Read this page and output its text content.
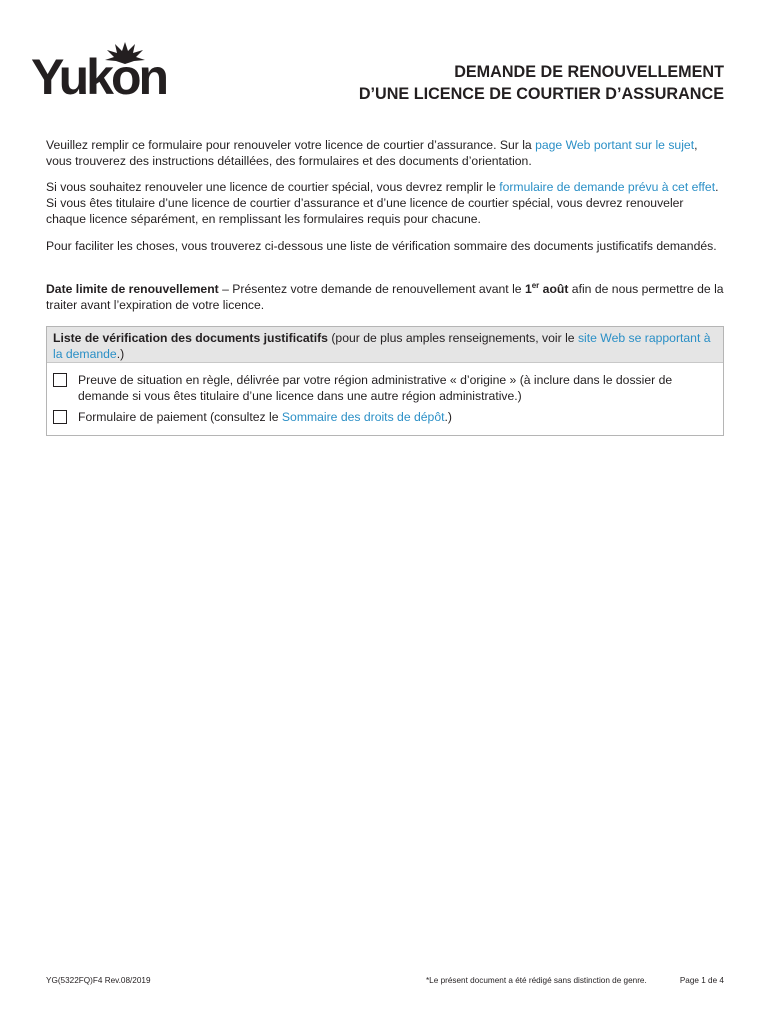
Yukon	DEMANDE DE RENOUVELLEMENT
D’UNE LICENCE DE COURTIER D’ASSURANCE
Veuillez remplir ce formulaire pour renouveler votre licence de courtier d’assurance. Sur la page Web portant sur le sujet, vous trouverez des instructions détaillées, des formulaires et des documents d’orientation.
Si vous souhaitez renouveler une licence de courtier spécial, vous devrez remplir le formulaire de demande prévu à cet effet. Si vous êtes titulaire d’une licence de courtier d’assurance et d’une licence de courtier spécial, vous devrez renouveler chaque licence séparément, en remplissant les formulaires requis pour chacune.
Pour faciliter les choses, vous trouverez ci-dessous une liste de vérification sommaire des documents justificatifs demandés.
Date limite de renouvellement – Présentez votre demande de renouvellement avant le 1er août afin de nous permettre de la traiter avant l’expiration de votre licence.
Liste de vérification des documents justificatifs (pour de plus amples renseignements, voir le site Web se rapportant à la demande.)
Preuve de situation en règle, délivrée par votre région administrative « d’origine » (à inclure dans le dossier de demande si vous êtes titulaire d’une licence dans une autre région administrative.)
Formulaire de paiement (consultez le Sommaire des droits de dépôt.)
YG(5322FQ)F4 Rev.08/2019	*Le présent document a été rédigé sans distinction de genre.	Page 1 de 4
